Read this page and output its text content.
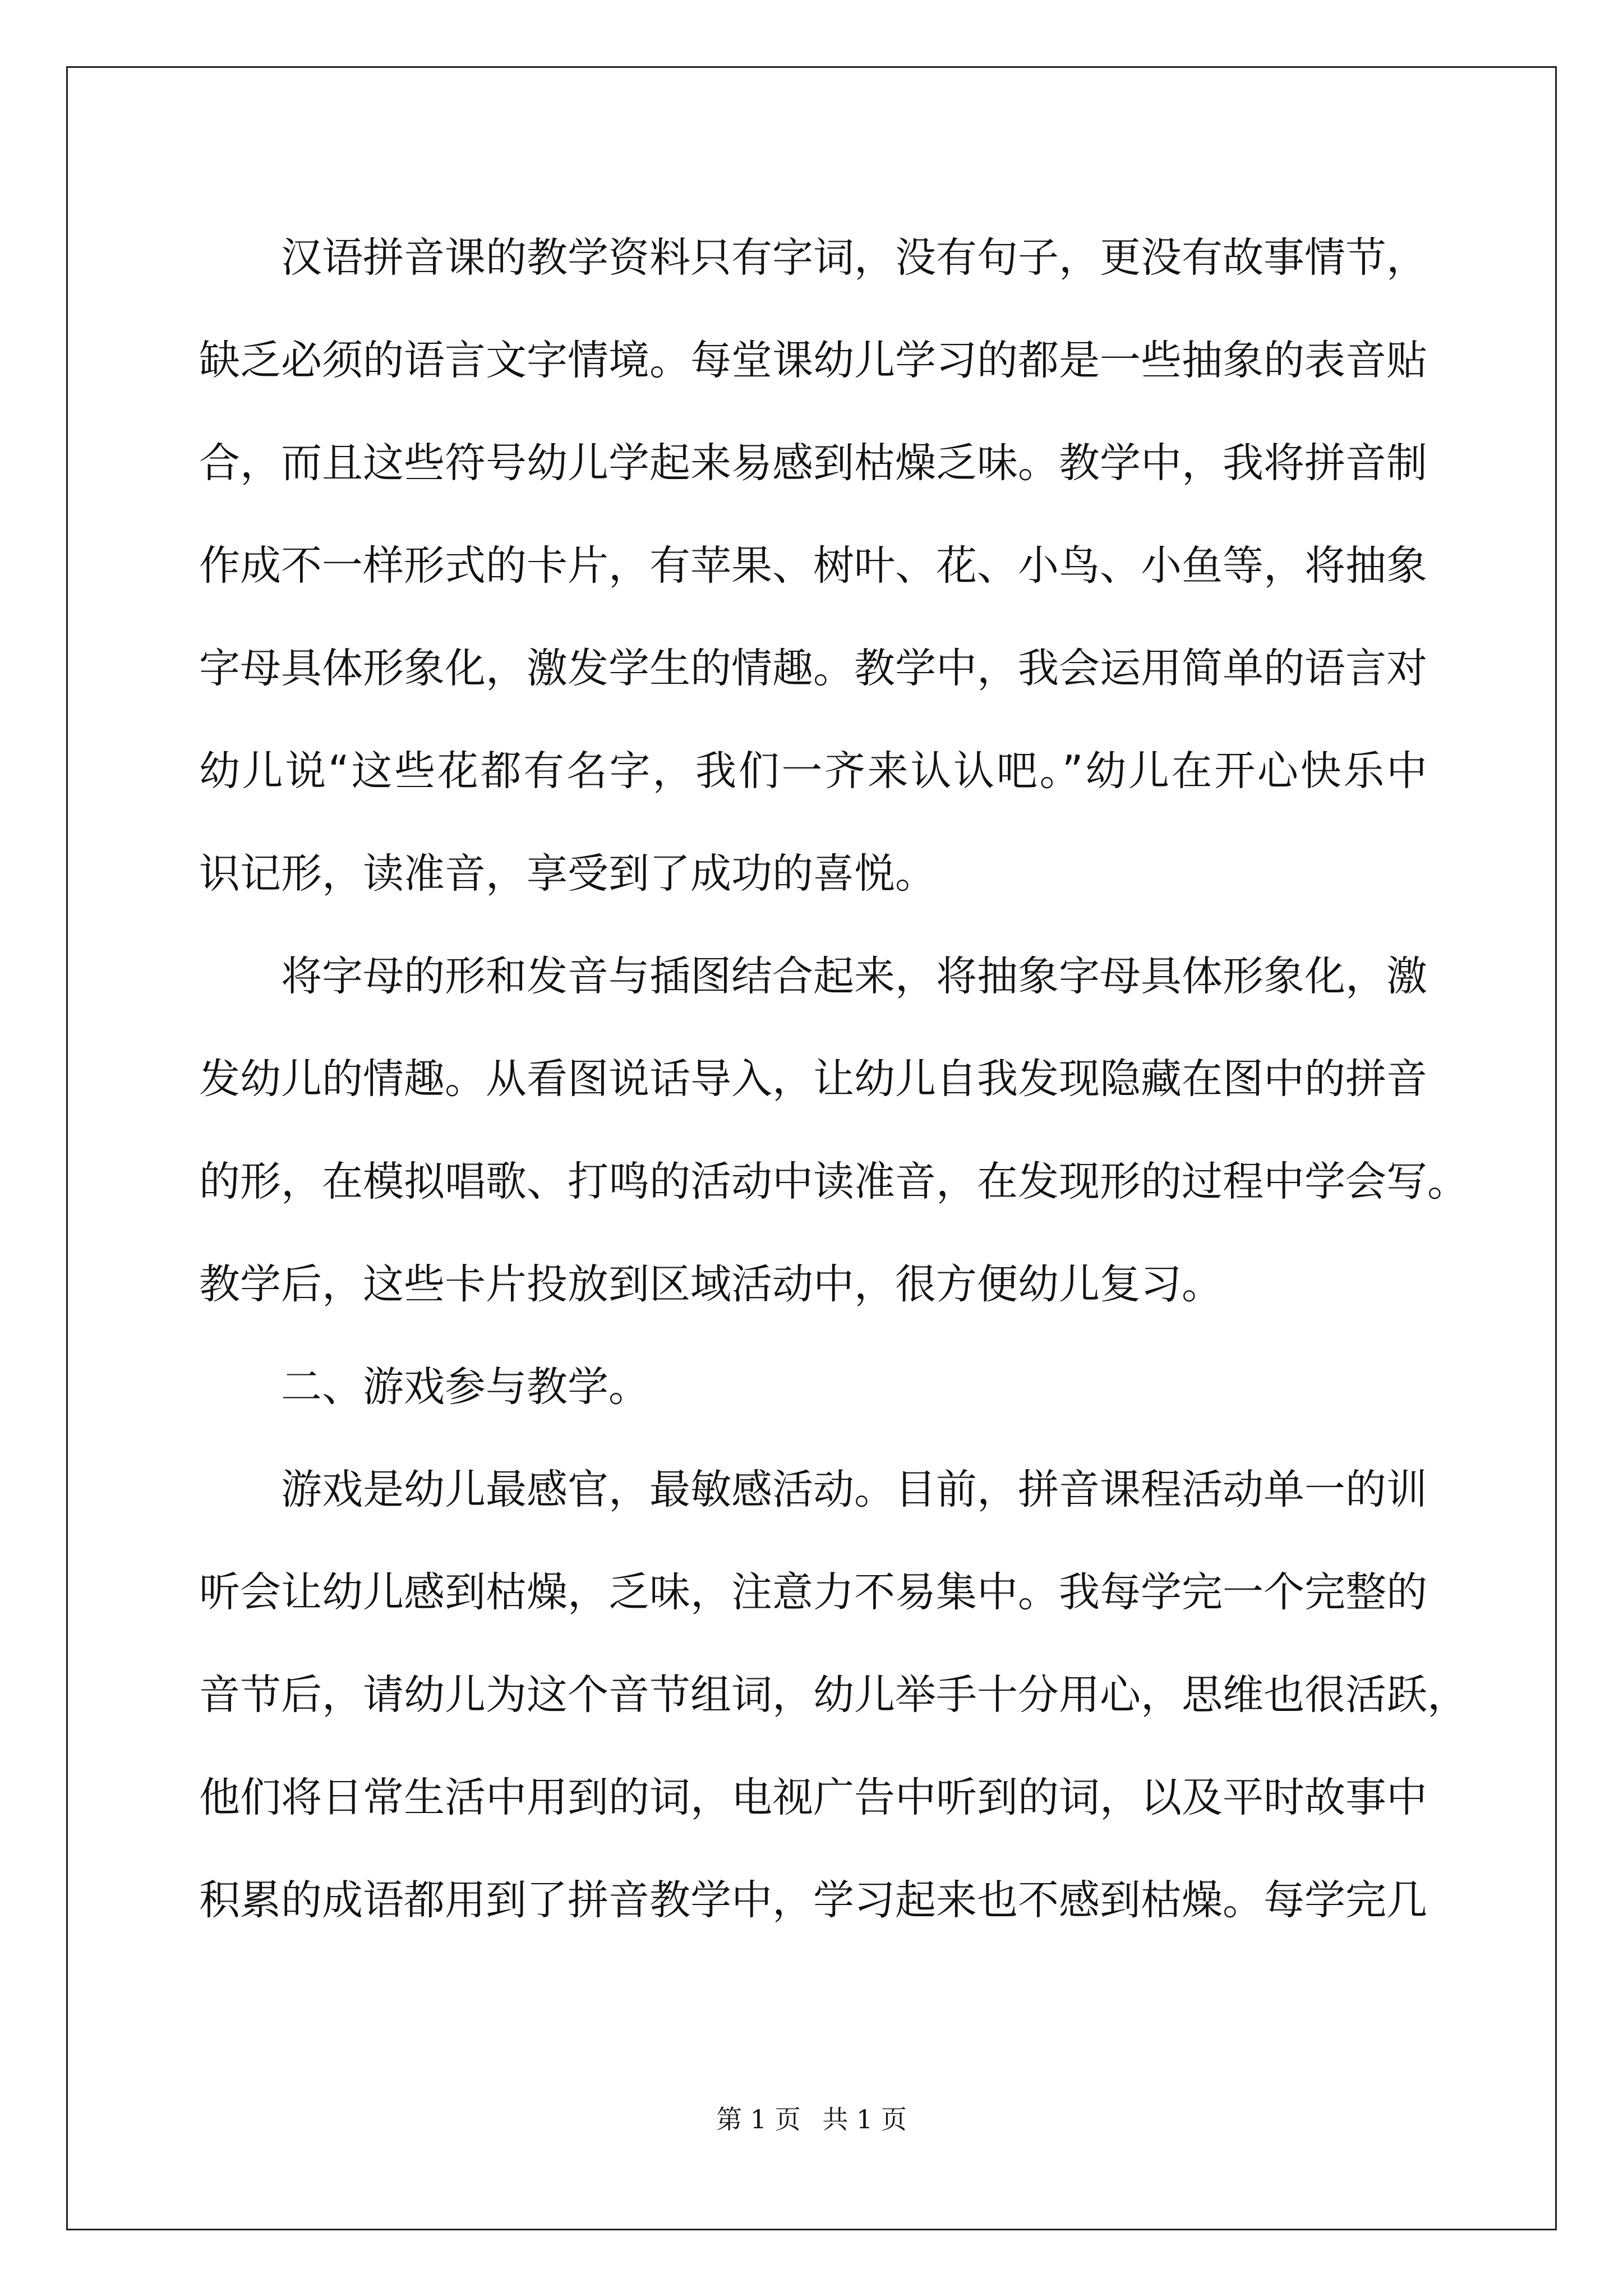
汉语拼音课的教学资料只有字词，没有句子，更没有故事情节，
缺乏必须的语言文字情境。每堂课幼儿学习的都是一些抽象的表音贴
合，而且这些符号幼儿学起来易感到枯燥乏味。教学中，我将拼音制
作成不一样形式的卡片，有苹果、树叶、花、小鸟、小鱼等，将抽象
字母具体形象化，激发学生的情趣。教学中，我会运用简单的语言对
幼儿说“这些花都有名字，我们一齐来认认吧。”幼儿在开心快乐中
识记形，读准音，享受到了成功的喜悦。
将字母的形和发音与插图结合起来，将抽象字母具体形象化，激
发幼儿的情趣。从看图说话导入，让幼儿自我发现隐藏在图中的拼音
的形，在模拟唱歌、打鸣的活动中读准音，在发现形的过程中学会写。
教学后，这些卡片投放到区域活动中，很方便幼儿复习。
二、游戏参与教学。
游戏是幼儿最感官，最敏感活动。目前，拼音课程活动单一的训
听会让幼儿感到枯燥，乏味，注意力不易集中。我每学完一个完整的
音节后，请幼儿为这个音节组词，幼儿举手十分用心，思维也很活跃，
他们将日常生活中用到的词，电视广告中听到的词，以及平时故事中
积累的成语都用到了拼音教学中，学习起来也不感到枯燥。每学完几
第 1 页 共 1 页
